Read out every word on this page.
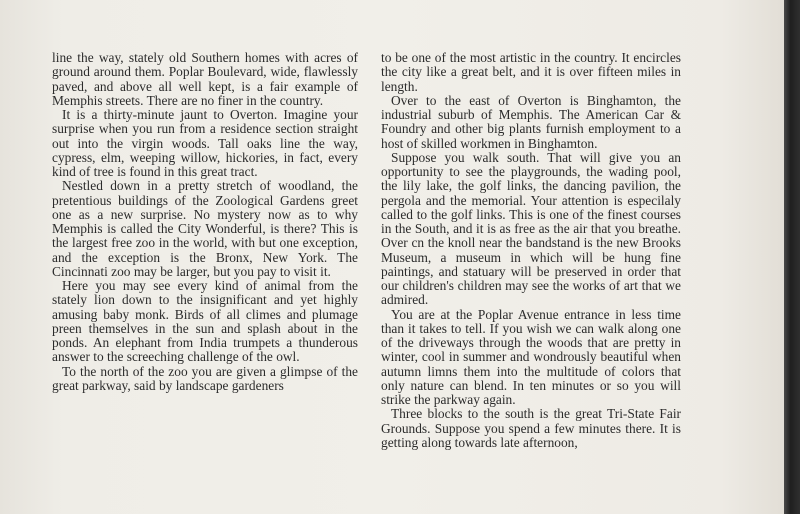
line the way, stately old Southern homes with acres of ground around them. Poplar Boulevard, wide, flawlessly paved, and above all well kept, is a fair example of Memphis streets. There are no finer in the country.

It is a thirty-minute jaunt to Overton. Imagine your surprise when you run from a residence section straight out into the virgin woods. Tall oaks line the way, cypress, elm, weeping willow, hickories, in fact, every kind of tree is found in this great tract.

Nestled down in a pretty stretch of woodland, the pretentious buildings of the Zoological Gardens greet one as a new surprise. No mystery now as to why Memphis is called the City Wonderful, is there? This is the largest free zoo in the world, with but one exception, and the exception is the Bronx, New York. The Cincinnati zoo may be larger, but you pay to visit it.

Here you may see every kind of animal from the stately lion down to the insignificant and yet highly amusing baby monk. Birds of all climes and plumage preen themselves in the sun and splash about in the ponds. An elephant from India trumpets a thunderous answer to the screeching challenge of the owl.

To the north of the zoo you are given a glimpse of the great parkway, said by landscape gardeners

to be one of the most artistic in the country. It encircles the city like a great belt, and it is over fifteen miles in length.

Over to the east of Overton is Binghamton, the industrial suburb of Memphis. The American Car & Foundry and other big plants furnish employment to a host of skilled workmen in Binghamton.

Suppose you walk south. That will give you an opportunity to see the playgrounds, the wading pool, the lily lake, the golf links, the dancing pavilion, the pergola and the memorial. Your attention is especilaly called to the golf links. This is one of the finest courses in the South, and it is as free as the air that you breathe. Over cn the knoll near the bandstand is the new Brooks Museum, a museum in which will be hung fine paintings, and statuary will be preserved in order that our children's children may see the works of art that we admired.

You are at the Poplar Avenue entrance in less time than it takes to tell. If you wish we can walk along one of the driveways through the woods that are pretty in winter, cool in summer and wondrously beautiful when autumn limns them into the multitude of colors that only nature can blend. In ten minutes or so you will strike the parkway again.

Three blocks to the south is the great Tri-State Fair Grounds. Suppose you spend a few minutes there. It is getting along towards late afternoon,
